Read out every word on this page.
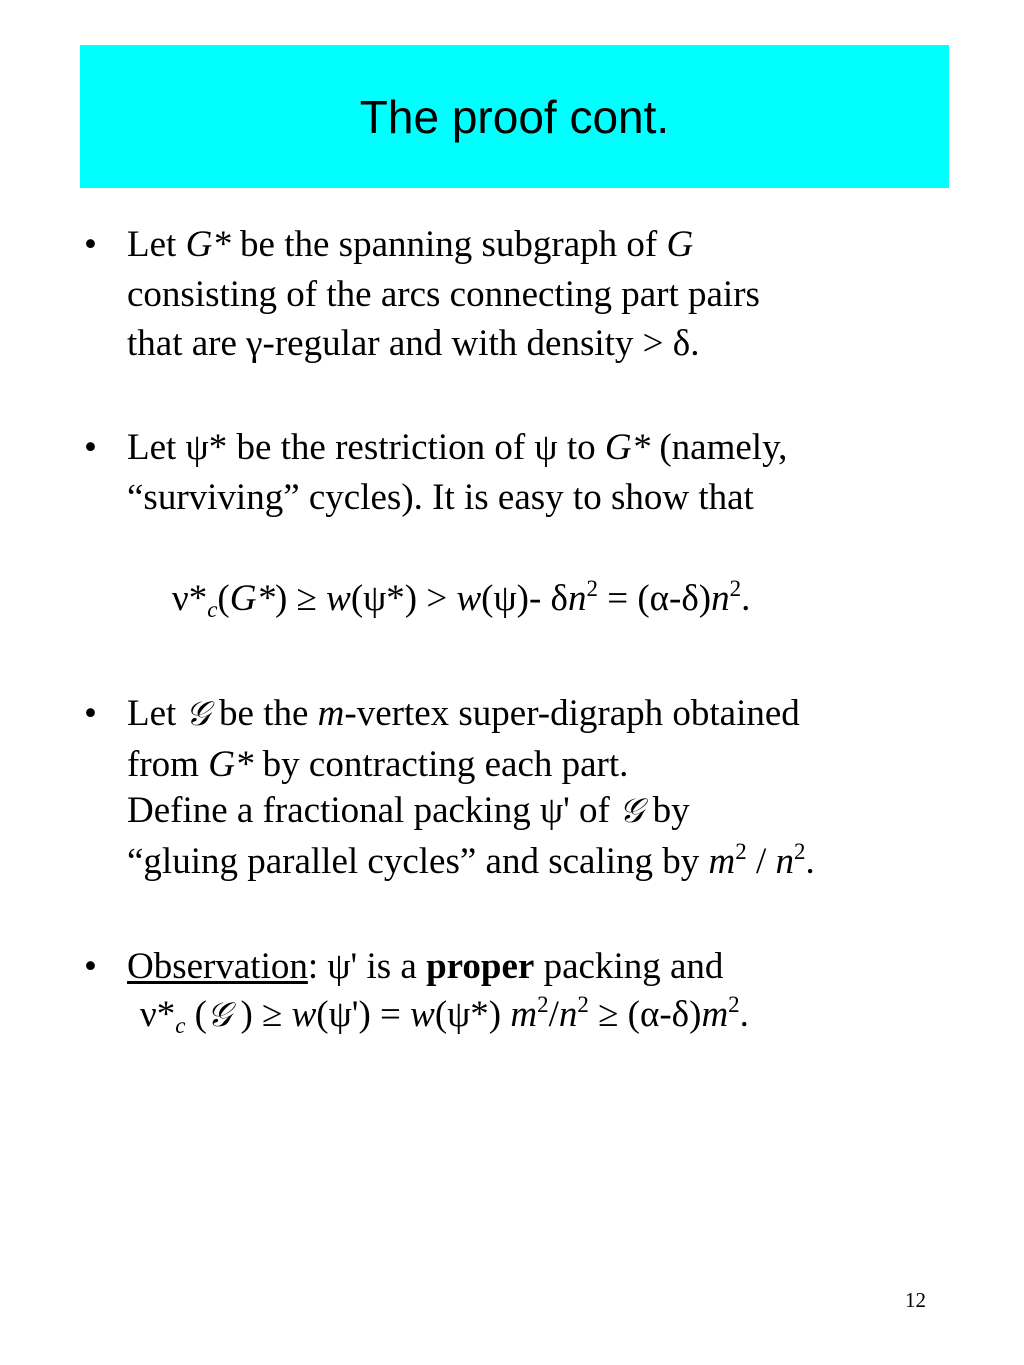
The proof cont.
• Let G* be the spanning subgraph of G
consisting of the arcs connecting part pairs
that are γ-regular and with density > δ.
• Let ψ* be the restriction of ψ to G* (namely,
“surviving” cycles). It is easy to show that
$\nu*_c(G*) \ge w(\psi*) > w(\psi)-$ $\delta n^2 = (\alpha-\delta)n^2$.
• Let 𝒢 be the m-vertex super-digraph obtained
from G* by contracting each part.
Define a fractional packing ψ' of 𝒢 by
“gluing parallel cycles” and scaling by $m^2 / n^2$.
• Observation: ψ' is a proper packing and
$\nu*_c$ (𝒢 ) ≥ w(ψ') = w(ψ*) $m^2/n^2 \ge (\alpha-\delta)m^2$.
12
